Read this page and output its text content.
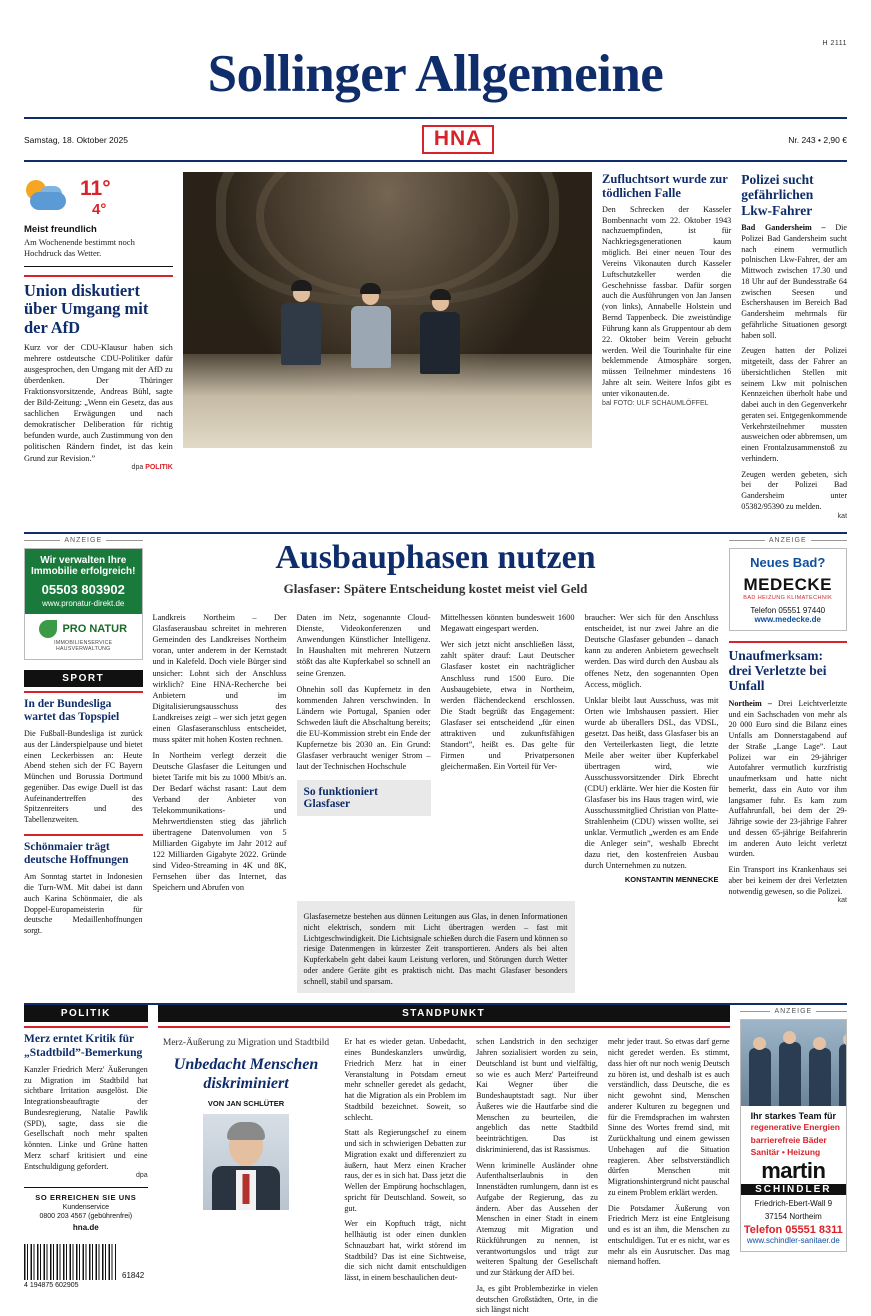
H 2111
Sollinger Allgemeine
Samstag, 18. Oktober 2025	HNA	Nr. 243 • 2,90 €
11°
4°
Meist freundlich
Am Wochenende bestimmt noch Hochdruck das Wetter.
Union diskutiert über Umgang mit der AfD
Kurz vor der CDU-Klausur haben sich mehrere ostdeutsche CDU-Politiker dafür ausgesprochen, den Umgang mit der AfD zu überdenken. Der Thüringer Fraktionsvorsitzende, Andreas Bühl, sagte der Bild-Zeitung: „Wenn ein Gesetz, das aus sachlichen Erwägungen und nach demokratischer Deliberation für richtig befunden wurde, auch Zustimmung von den politischen Rändern findet, ist das kein Grund zur Revision.”
dpa POLITIK
Zufluchtsort wurde zur tödlichen Falle
Den Schrecken der Kasseler Bombennacht vom 22. Oktober 1943 nachzuempfinden, ist für Nachkriegsgenerationen kaum möglich. Bei einer neuen Tour des Vereins Vikonauten durch Kasseler Luftschutzkeller werden die Geschehnisse fassbar. Dafür sorgen auch die Ausführungen von Jan Jansen (von links), Annabelle Holstein und Bernd Tappenbeck. Die zweistündige Führung kann als Gruppentour ab dem 22. Oktober beim Verein gebucht werden. Weil die Tourinhalte für eine beklemmende Atmosphäre sorgen, müssen Teilnehmer mindestens 16 Jahre alt sein. Weitere Infos gibt es unter vikonauten.de.
bal FOTO: ULF SCHAUMLÖFFEL
Polizei sucht gefährlichen Lkw-Fahrer
Bad Gandersheim – Die Polizei Bad Gandersheim sucht nach einem vermutlich polnischen Lkw-Fahrer, der am Mittwoch zwischen 17.30 und 18 Uhr auf der Bundesstraße 64 zwischen Seesen und Eschershausen im Bereich Bad Gandersheim mehrmals für gefährliche Situationen gesorgt haben soll.
Zeugen hatten der Polizei mitgeteilt, dass der Fahrer an übersichtlichen Stellen mit seinem Lkw mit polnischen Kennzeichen überholt habe und dabei auch in den Gegenverkehr geraten sei. Entgegenkommende Verkehrsteilnehmer mussten ausweichen oder abbremsen, um einen Frontalzusammenstoß zu verhindern.
Zeugen werden gebeten, sich bei der Polizei Bad Gandersheim unter 05382/95390 zu melden.
kat
ANZEIGE
Wir verwalten Ihre Immobilie erfolgreich!
05503 803902
www.pronatur-direkt.de
PRO NATUR
IMMOBILIENSERVICE HAUSVERWALTUNG
SPORT
In der Bundesliga wartet das Topspiel
Die Fußball-Bundesliga ist zurück aus der Länderspielpause und bietet einen Leckerbissen an: Heute Abend stehen sich der FC Bayern München und Borussia Dortmund gegenüber. Das ewige Duell ist das Aufeinandertreffen des Spitzenreiters und des Tabellenzweiten.
Schönmaier trägt deutsche Hoffnungen
Am Sonntag startet in Indonesien die Turn-WM. Mit dabei ist dann auch Karina Schönmaier, die als Doppel-Europameisterin für deutsche Medaillenhoffnungen sorgt.
Ausbauphasen nutzen
Glasfaser: Spätere Entscheidung kostet meist viel Geld
Landkreis Northeim – Der Glasfaserausbau schreitet in mehreren Gemeinden des Landkreises Northeim voran, unter anderem in der Kernstadt und in Kalefeld. Doch viele Bürger sind unsicher: Lohnt sich der Anschluss wirklich? Eine HNA-Recherche bei Anbietern und im Digitalisierungsausschuss des Landkreises zeigt – wer sich jetzt gegen einen Glasfaseranschluss entscheidet, muss später mit hohen Kosten rechnen.
In Northeim verlegt derzeit die Deutsche Glasfaser die Leitungen und bietet Tarife mit bis zu 1000 Mbit/s an. Der Bedarf wächst rasant: Laut dem Verband der Anbieter von Telekommunikations- und Mehrwertdiensten stieg das jährlich übertragene Datenvolumen von 5 Milliarden Gigabyte im Jahr 2012 auf 122 Milliarden Gigabyte 2022. Gründe sind Video-Streaming in 4K und 8K, Fernsehen über das Internet, das Speichern und Abrufen von
Daten im Netz, sogenannte Cloud-Dienste, Videokonferenzen und Anwendungen Künstlicher Intelligenz. In Haushalten mit mehreren Nutzern stößt das alte Kupferkabel so schnell an seine Grenzen.
Ohnehin soll das Kupfernetz in den kommenden Jahren verschwinden. In Ländern wie Portugal, Spanien oder Schweden läuft die Abschaltung bereits; die EU-Kommission strebt ein Ende der Kupfernetze bis 2030 an. Ein Grund: Glasfaser verbraucht weniger Strom – laut der Technischen Hochschule
So funktioniert Glasfaser
Mittelhessen könnten bundesweit 1600 Megawatt eingespart werden.
Wer sich jetzt nicht anschließen lässt, zahlt später drauf: Laut Deutscher Glasfaser kostet ein nachträglicher Anschluss rund 1500 Euro. Die Ausbaugebiete, etwa in Northeim, werden flächendeckend erschlossen. Die Stadt begrüßt das Engagement: Glasfaser sei entscheidend „für einen attraktiven und zukunftsfähigen Standort”, heißt es. Das gelte für Firmen und Privatpersonen gleichermaßen. Ein Vorteil für Ver-
braucher: Wer sich für den Anschluss entscheidet, ist nur zwei Jahre an die Deutsche Glasfaser gebunden – danach kann zu anderen Anbietern gewechselt werden. Das wird durch den Ausbau als offenes Netz, den sogenannten Open Access, möglich.
Unklar bleibt laut Ausschuss, was mit Orten wie Imbshausen passiert. Hier wurde ab überallers DSL, das VDSL, gesetzt. Das heißt, dass Glasfaser bis an den Verteilerkasten liegt, die letzte Meile aber weiter über Kupferkabel übertragen wird, wie Ausschussvorsitzender Dirk Ebrecht (CDU) erklärte. Wer hier die Kosten für Glasfaser bis ins Haus tragen wird, wie Ausschussmitglied Christian von Platte-Strahlenheim (CDU) wissen wollte, sei unklar. Vermutlich „werden es am Ende die Anleger sein”, weshalb Ebrecht dazu riet, den kostenfreien Ausbau durch Unternehmen zu nutzen.
KONSTANTIN MENNECKE
Glasfasernetze bestehen aus dünnen Leitungen aus Glas, in denen Informationen nicht elektrisch, sondern mit Licht übertragen werden – fast mit Lichtgeschwindigkeit. Die Lichtsignale schießen durch die Fasern und können so riesige Datenmengen in kürzester Zeit transportieren. Anders als bei alten Kupferkabeln geht dabei kaum Leistung verloren, und Störungen durch Wetter oder andere Geräte gibt es praktisch nicht. Das macht Glasfaser besonders schnell, stabil und sparsam.
ANZEIGE
Neues Bad?
MEDECKE
BAD HEIZUNG KLIMATECHNIK
Telefon 05551 97440
www.medecke.de
Unaufmerksam: drei Verletzte bei Unfall
Northeim – Drei Leichtverletzte und ein Sachschaden von mehr als 20 000 Euro sind die Bilanz eines Unfalls am Donnerstagabend auf der Straße „Lange Lage”. Laut Polizei war ein 29-jähriger Autofahrer vermutlich kurzfristig unaufmerksam und hatte nicht bemerkt, dass ein Auto vor ihm langsamer fuhr. Es kam zum Auffahrunfall, bei dem der 29-Jährige sowie der 23-jährige Fahrer und dessen 65-jährige Beifahrerin im anderen Auto leicht verletzt wurden.
Ein Transport ins Krankenhaus sei aber bei keinem der drei Verletzten notwendig gewesen, so die Polizei.
kat
POLITIK
Merz erntet Kritik für „Stadtbild”-Bemerkung
Kanzler Friedrich Merz' Äußerungen zu Migration im Stadtbild hat sichtbare Irritation ausgelöst. Die Integrationsbeauftragte der Bundesregierung, Natalie Pawlik (SPD), sagte, dass sie die Gesellschaft noch mehr spalten könnten. Linke und Grüne hatten Merz scharf kritisiert und eine Entschuldigung gefordert.
dpa
SO ERREICHEN SIE UNS
Kundenservice
0800 203 4567 (gebührenfrei)
hna.de
61842
4 194875 602905
STANDPUNKT
Merz-Äußerung zu Migration und Stadtbild
Unbedacht Menschen diskriminiert
VON JAN SCHLÜTER
Er hat es wieder getan. Unbedacht, eines Bundeskanzlers unwürdig, Friedrich Merz hat in einer Veranstaltung in Potsdam erneut mehr schneller geredet als gedacht, hat die Migration als ein Problem im Stadtbild bezeichnet. Soweit, so schlecht.
Statt als Regierungschef zu einem und sich in schwierigen Debatten zur Migration exakt und differenziert zu äußern, haut Merz einen Kracher raus, der es in sich hat. Dass jetzt die Wellen der Empörung hochschlagen, spricht für Deutschland. Soweit, so gut.
Wer ein Kopftuch trägt, nicht hellhäutig ist oder einen dunklen Schnauzbart hat, wirkt störend im Stadtbild? Das ist eine Sichtweise, die sich nicht damit entschuldigen lässt, in einem beschaulichen deut-
schen Landstrich in den sechziger Jahren sozialisiert worden zu sein, Deutschland ist bunt und vielfältig, so wie es auch Merz' Parteifreund Kai Wegner über die Bundeshauptstadt sagt. Nur über Äußeres wie die Hautfarbe sind die Menschen zu beurteilen, die angeblich das nette Stadtbild beeinträchtigen. Das ist diskriminierend, das ist Rassismus.
Wenn kriminelle Ausländer ohne Aufenthaltserlaubnis in den Innenstädten rumlungern, dann ist es Aufgabe der Regierung, das zu ändern. Aber das Aussehen der Menschen in einer Stadt in einem Atemzug mit Migration und Rückführungen zu nennen, ist verantwortungslos und trägt zur weiteren Spaltung der Gesellschaft und zur Stärkung der AfD bei.
Ja, es gibt Problembezirke in vielen deutschen Großstädten, Orte, in die sich längst nicht
mehr jeder traut. So etwas darf gerne nicht geredet werden. Es stimmt, dass hier oft nur noch wenig Deutsch zu hören ist, und deshalb ist es auch verständlich, dass Deutsche, die es nicht gewohnt sind, Menschen anderer Kulturen zu begegnen und für die Fremdsprachen im wahrsten Sinne des Wortes fremd sind, mit Zurückhaltung und einem gewissen Unbehagen auf die Situation reagieren. Aber selbstverständlich dürfen Menschen mit Migrationshintergrund nicht pauschal zu einem Problem erklärt werden.
Die Potsdamer Äußerung von Friedrich Merz ist eine Entgleisung und es ist an ihm, die Menschen zu entschuldigen. Tut er es nicht, war es mehr als ein Ausrutscher. Das mag niemand hoffen.
ANZEIGE
Ihr starkes Team für
regenerative Energien
barrierefreie Bäder
Sanitär • Heizung
martin
SCHINDLER
Friedrich-Ebert-Wall 9
37154 Northeim
Telefon 05551 8311
www.schindler-sanitaer.de
